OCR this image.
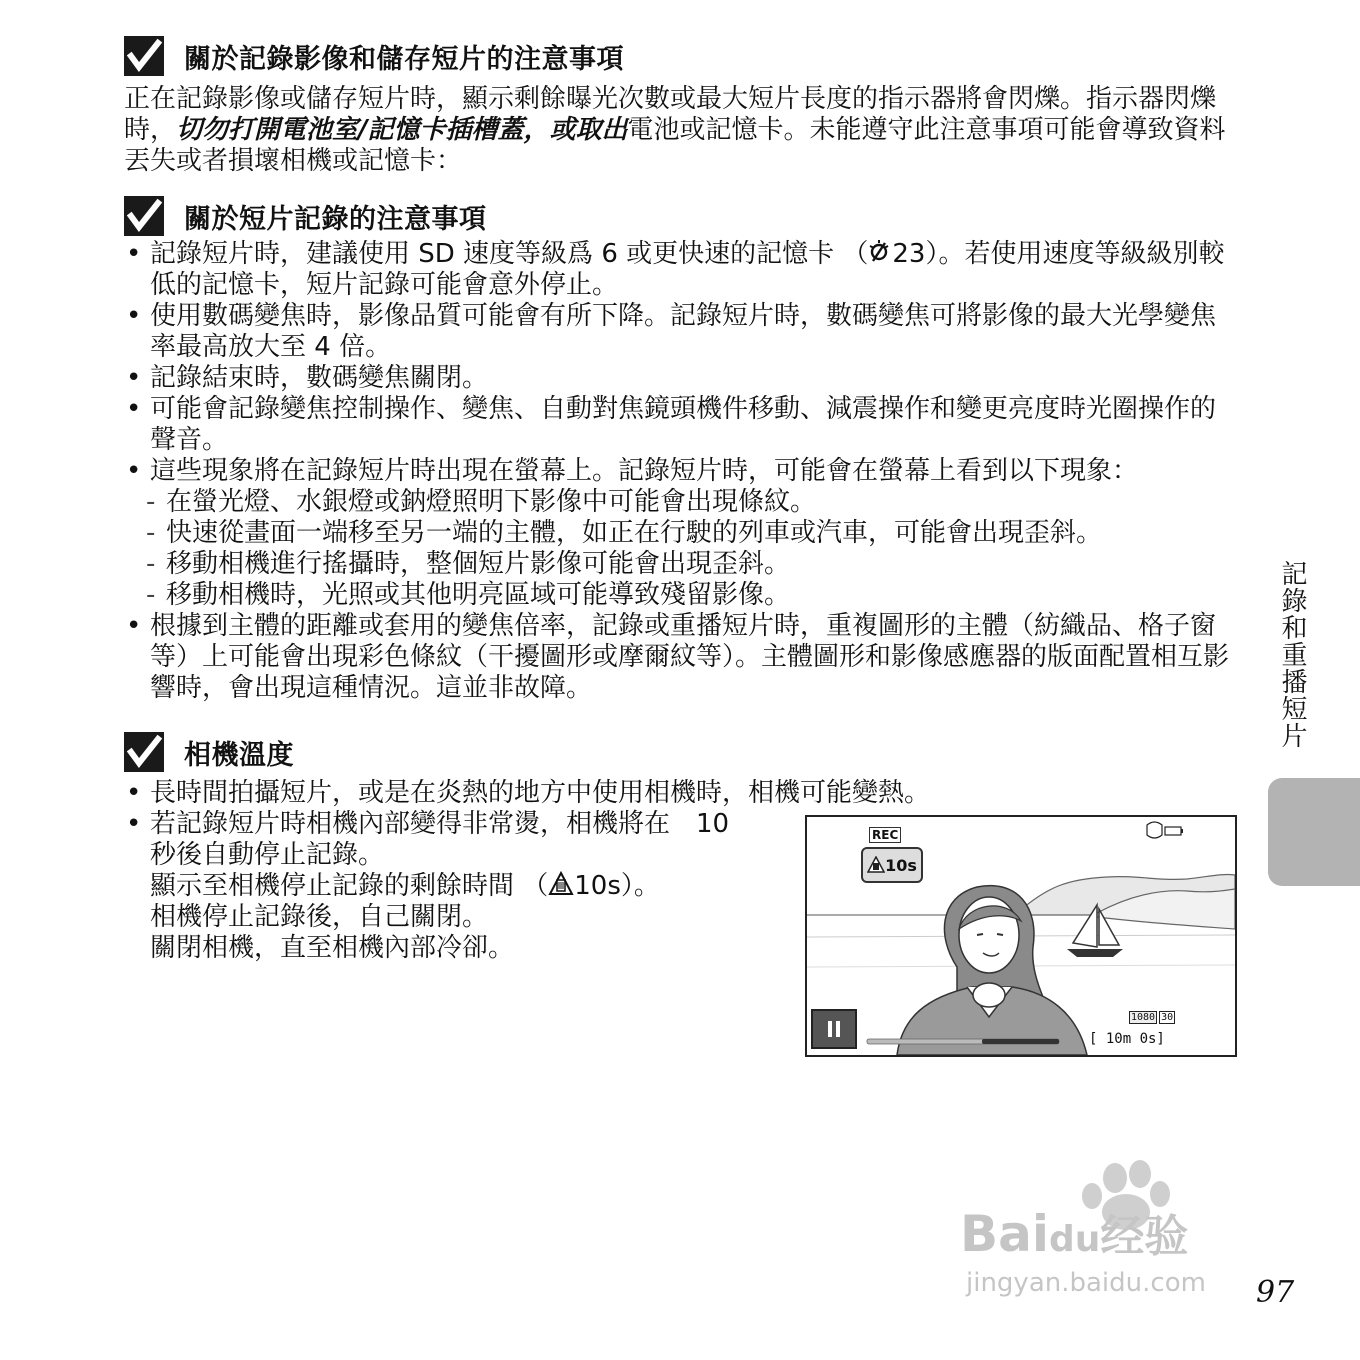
關於記錄影像和儲存短片的注意事項

正在記錄影像或儲存短片時，顯示剩餘曝光次數或最大短片長度的指示器將會閃爍。指示器閃爍時，切勿打開電池室/記憶卡插槽蓋，或取出電池或記憶卡。未能遵守此注意事項可能會導致資料丟失或者損壞相機或記憶卡：

關於短片記錄的注意事項
• 記錄短片時，建議使用 SD 速度等級爲 6 或更快速的記憶卡 （ 23）。若使用速度等級級別較低的記憶卡，短片記錄可能會意外停止。
• 使用數碼變焦時，影像品質可能會有所下降。記錄短片時，數碼變焦可將影像的最大光學變焦率最高放大至 4 倍。
• 記錄結束時，數碼變焦關閉。
• 可能會記錄變焦控制操作、變焦、自動對焦鏡頭機件移動、減震操作和變更亮度時光圈操作的聲音。
• 這些現象將在記錄短片時出現在螢幕上。記錄短片時，可能會在螢幕上看到以下現象：
- 在螢光燈、水銀燈或鈉燈照明下影像中可能會出現條紋。
- 快速從畫面一端移至另一端的主體，如正在行駛的列車或汽車，可能會出現歪斜。
- 移動相機進行搖攝時，整個短片影像可能會出現歪斜。
- 移動相機時，光照或其他明亮區域可能導致殘留影像。
• 根據到主體的距離或套用的變焦倍率，記錄或重播短片時，重複圖形的主體（紡織品、格子窗等）上可能會出現彩色條紋（干擾圖形或摩爾紋等）。主體圖形和影像感應器的版面配置相互影響時，會出現這種情況。這並非故障。
相機溫度
• 長時間拍攝短片，或是在炎熱的地方中使用相機時，相機可能變熱。
• 若記錄短片時相機內部變得非常燙，相機將在　10
秒後自動停止記錄。
顯示至相機停止記錄的剩餘時間 （ 10s）。
相機停止記錄後，自己關閉。
關閉相機，直至相機內部冷卻。
REC
10s
1080 30
[ 10m 0s]
記錄和重播短片
Baidu经验
jingyan.baidu.com 97
